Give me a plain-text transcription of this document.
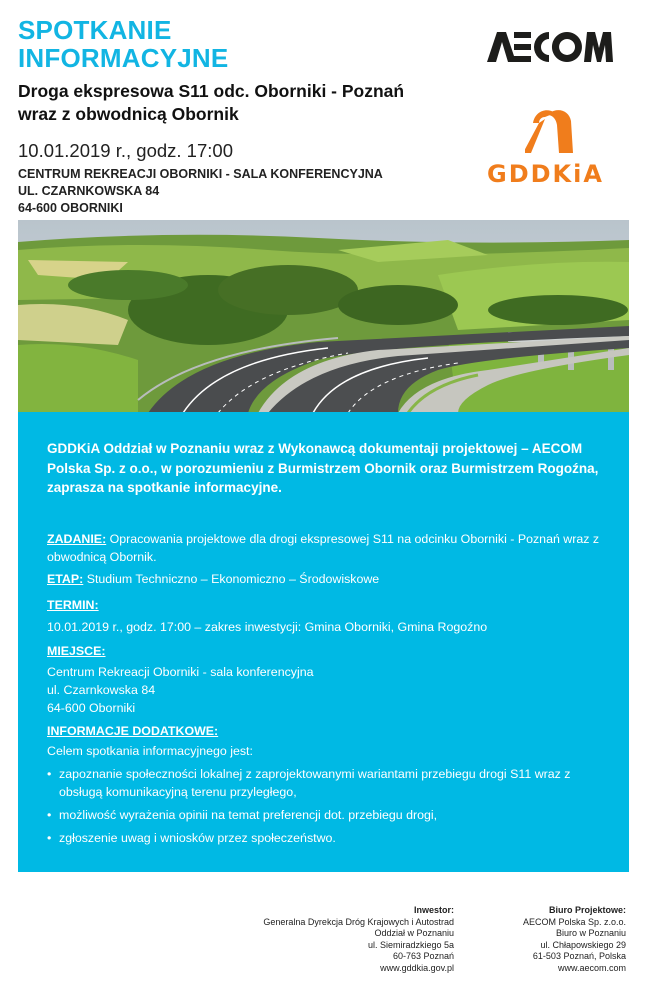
SPOTKANIE
INFORMACYJNE
Droga ekspresowa S11 odc. Oborniki - Poznań
wraz z obwodnicą Obornik
10.01.2019 r., godz. 17:00
CENTRUM REKREACJI OBORNIKI - SALA KONFERENCYJNA
UL. CZARNKOWSKA 84
64-600 OBORNIKI
GDDKiA
GDDKiA Oddział w Poznaniu wraz z Wykonawcą dokumentaji projektowej – AECOM Polska Sp. z o.o., w porozumieniu z Burmistrzem Obornik oraz Burmistrzem Rogoźna, zaprasza na spotkanie informacyjne.
ZADANIE: Opracowania projektowe dla drogi ekspresowej S11 na odcinku Oborniki - Poznań wraz z obwodnicą Obornik.
ETAP: Studium Techniczno – Ekonomiczno – Środowiskowe
TERMIN:
10.01.2019 r., godz. 17:00 – zakres inwestycji: Gmina Oborniki, Gmina Rogoźno
MIEJSCE:
Centrum Rekreacji Oborniki - sala konferencyjna
ul. Czarnkowska 84
64-600 Oborniki
INFORMACJE DODATKOWE:
Celem spotkania informacyjnego jest:
• zapoznanie społeczności lokalnej z zaprojektowanymi wariantami przebiegu drogi S11 wraz z obsługą komunikacyjną terenu przyległego,
• możliwość wyrażenia opinii na temat preferencji dot. przebiegu drogi,
• zgłoszenie uwag i wniosków przez społeczeństwo.
Inwestor:
Generalna Dyrekcja Dróg Krajowych i Autostrad
Oddział w Poznaniu
ul. Siemiradzkiego 5a
60-763 Poznań
www.gddkia.gov.pl
Biuro Projektowe:
AECOM Polska Sp. z.o.o.
Biuro w Poznaniu
ul. Chłapowskiego 29
61-503 Poznań, Polska
www.aecom.com
